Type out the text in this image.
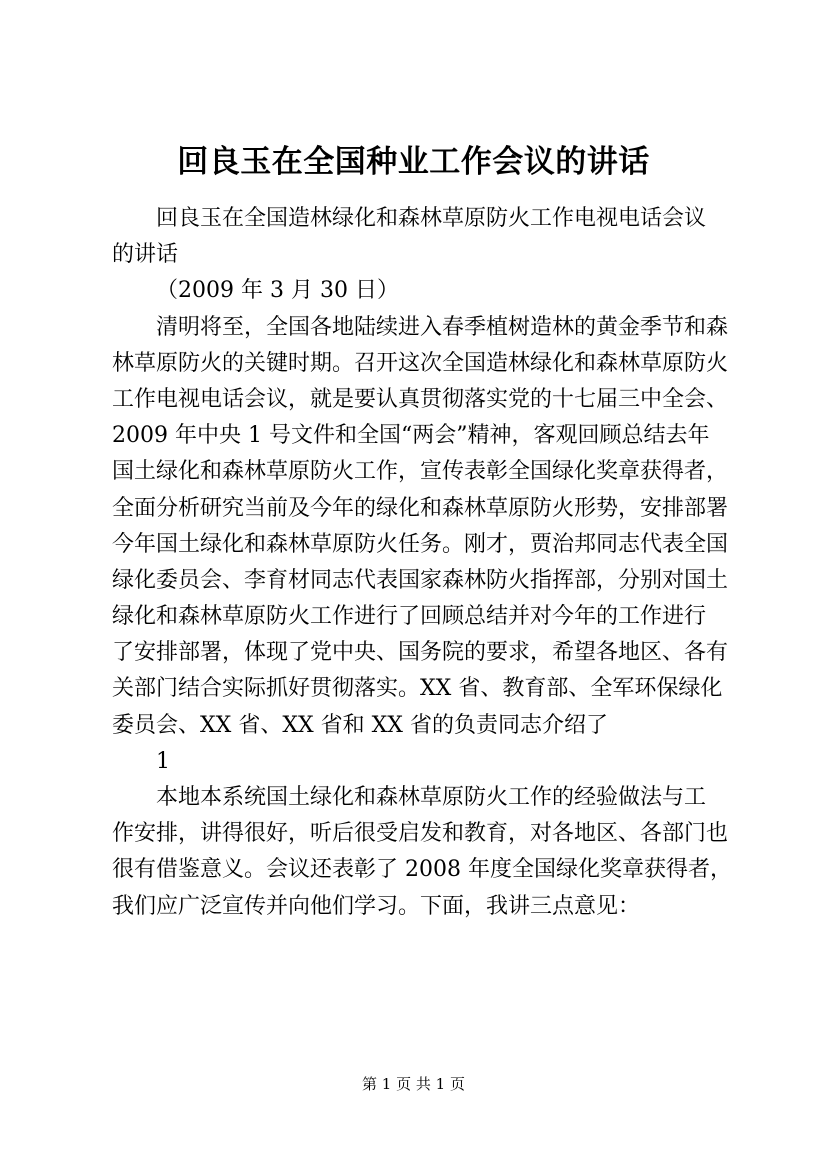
回良玉在全国种业工作会议的讲话
回良玉在全国造林绿化和森林草原防火工作电视电话会议
的讲话
（2009 年 3 月 30 日）
清明将至，全国各地陆续进入春季植树造林的黄金季节和森
林草原防火的关键时期。召开这次全国造林绿化和森林草原防火
工作电视电话会议，就是要认真贯彻落实党的十七届三中全会、
2009 年中央 1 号文件和全国“两会”精神，客观回顾总结去年
国土绿化和森林草原防火工作，宣传表彰全国绿化奖章获得者，
全面分析研究当前及今年的绿化和森林草原防火形势，安排部署
今年国土绿化和森林草原防火任务。刚才，贾治邦同志代表全国
绿化委员会、李育材同志代表国家森林防火指挥部，分别对国土
绿化和森林草原防火工作进行了回顾总结并对今年的工作进行
了安排部署，体现了党中央、国务院的要求，希望各地区、各有
关部门结合实际抓好贯彻落实。XX 省、教育部、全军环保绿化
委员会、XX 省、XX 省和 XX 省的负责同志介绍了
1
本地本系统国土绿化和森林草原防火工作的经验做法与工
作安排，讲得很好，听后很受启发和教育，对各地区、各部门也
很有借鉴意义。会议还表彰了 2008 年度全国绿化奖章获得者，
我们应广泛宣传并向他们学习。下面，我讲三点意见：
第 1 页 共 1 页
